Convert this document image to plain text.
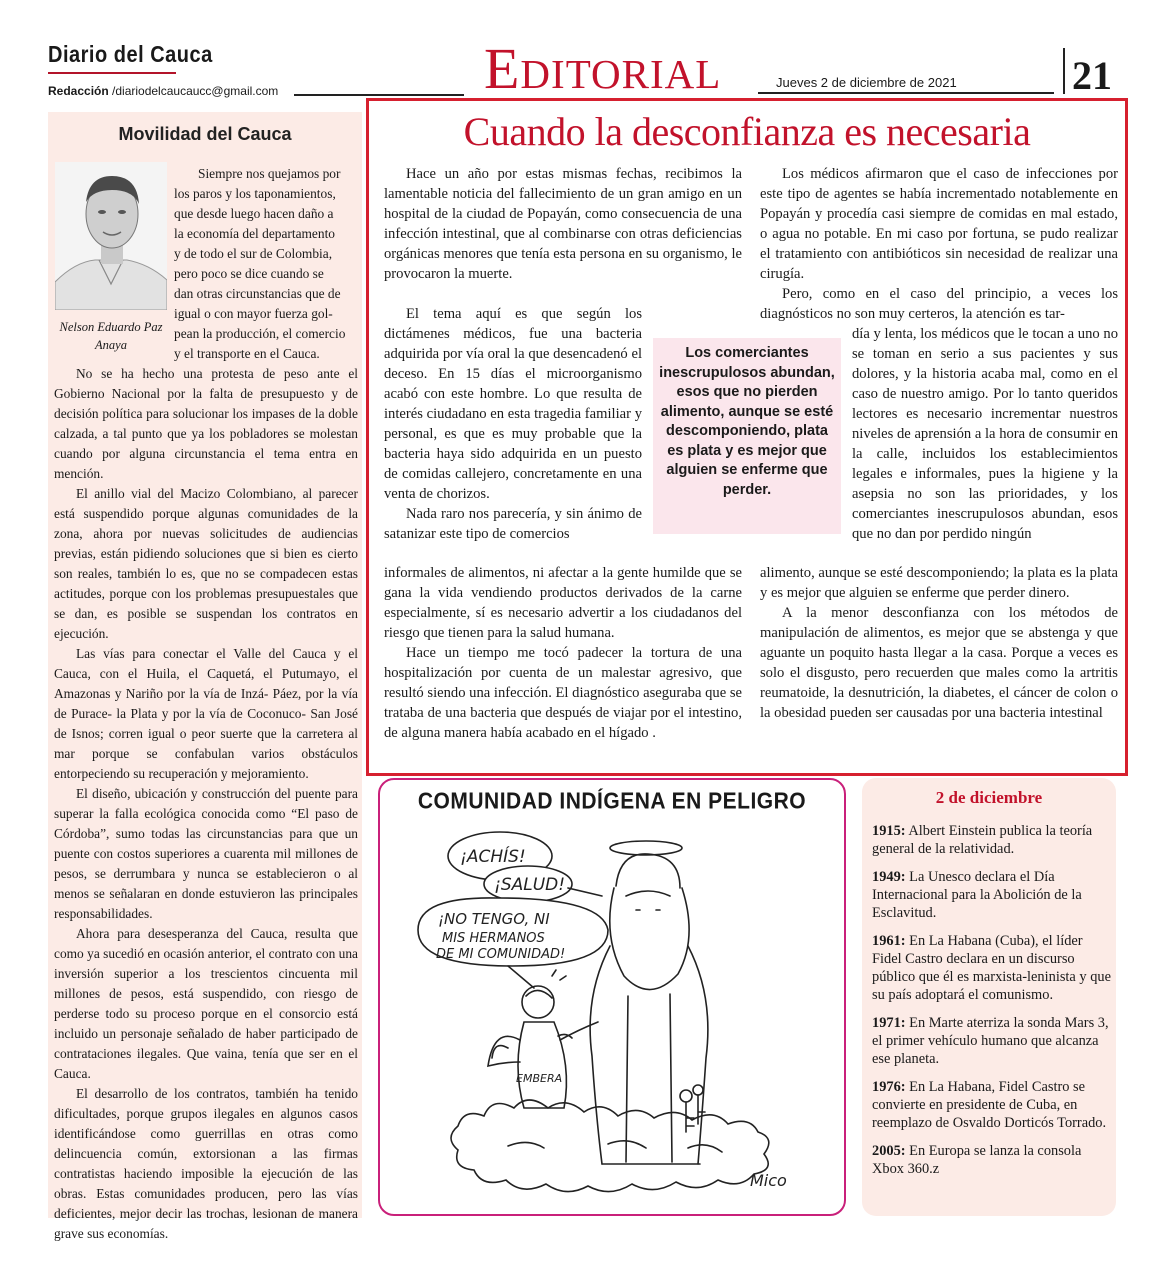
Diario del Cauca
Redacción /diariodelcaucaucc@gmail.com	Editorial	Jueves 2 de diciembre de 2021	21
Movilidad del Cauca
Nelson Eduardo Paz Anaya
Siempre nos quejamos por
los paros y los taponamientos,
que desde luego hacen daño a
la economía del departamento
y de todo el sur de Colombia,
pero poco se dice cuando se
dan otras circunstancias que de
igual o con mayor fuerza gol-
pean la producción, el comercio
y el transporte en el Cauca.

No se ha hecho una protesta de peso ante el Gobierno Nacional por la falta de presupuesto y de decisión política para solucionar los impases de la doble calzada, a tal punto que ya los pobladores se molestan cuando por alguna circunstancia el tema entra en mención.

El anillo vial del Macizo Colombiano, al parecer está suspendido porque algunas comunidades de la zona, ahora por nuevas solicitudes de audiencias previas, están pidiendo soluciones que si bien es cierto son reales, también lo es, que no se compadecen estas actitudes, porque con los problemas presupuestales que se dan, es posible se suspendan los contratos en ejecución.

Las vías para conectar el Valle del Cauca y el Cauca, con el Huila, el Caquetá, el Putumayo, el Amazonas y Nariño por la vía de Inzá- Páez, por la vía de Purace- la Plata y por la vía de Coconuco- San José de Isnos; corren igual o peor suerte que la carretera al mar porque se confabulan varios obstáculos entorpeciendo su recuperación y mejoramiento.

El diseño, ubicación y construcción del puente para superar la falla ecológica conocida como “El paso de Córdoba”, sumo todas las circunstancias para que un puente con costos superiores a cuarenta mil millones de pesos, se derrumbara y nunca se establecieron o al menos se señalaran en donde estuvieron las principales responsabilidades.

Ahora para desesperanza del Cauca, resulta que como ya sucedió en ocasión anterior, el contrato con una inversión superior a los trescientos cincuenta mil millones de pesos, está suspendido, con riesgo de perderse todo su proceso porque en el consorcio está incluido un personaje señalado de haber participado de contrataciones ilegales. Que vaina, tenía que ser en el Cauca.

El desarrollo de los contratos, también ha tenido dificultades, porque grupos ilegales en algunos casos identificándose como guerrillas en otras como delincuencia común, extorsionan a las firmas contratistas haciendo imposible la ejecución de las obras. Estas comunidades producen, pero las vías deficientes, mejor decir las trochas, lesionan de manera grave sus economías.

Cuando la desconfianza es necesaria

Hace un año por estas mismas fechas, recibimos la lamentable noticia del fallecimiento de un gran amigo en un hospital de la ciudad de Popayán, como consecuencia de una infección intestinal, que al combinarse con otras deficiencias orgánicas menores que tenía esta persona en su organismo, le provocaron la muerte.

El tema aquí es que según los dictámenes médicos, fue una bacteria adquirida por vía oral la que desencadenó el deceso. En 15 días el microorganismo acabó con este hombre. Lo que resulta de interés ciudadano en esta tragedia familiar y personal, es que es muy probable que la bacteria haya sido adquirida en un puesto de comidas callejero, concretamente en una venta de chorizos.

Nada raro nos parecería, y sin ánimo de satanizar este tipo de comercios

informales de alimentos, ni afectar a la gente humilde que se gana la vida vendiendo productos derivados de la carne especialmente, sí es necesario advertir a los ciudadanos del riesgo que tienen para la salud humana.

Hace un tiempo me tocó padecer la tortura de una hospitalización por cuenta de un malestar agresivo, que resultó siendo una infección. El diagnóstico aseguraba que se trataba de una bacteria que después de viajar por el intestino, de alguna manera había acabado en el hígado .

Los médicos afirmaron que el caso de infecciones por este tipo de agentes se había incrementado notablemente en Popayán y procedía casi siempre de comidas en mal estado, o agua no potable. En mi caso por fortuna, se pudo realizar el tratamiento con antibióticos sin necesidad de realizar una cirugía.

Pero, como en el caso del principio, a veces los diagnósticos no son muy certeros, la atención es tar-

día y lenta, los médicos que le tocan a uno no se toman en serio a sus pacientes y sus dolores, y la historia acaba mal, como en el caso de nuestro amigo. Por lo tanto queridos lectores es necesario incrementar nuestros niveles de aprensión a la hora de consumir en la calle, incluidos los establecimientos legales e informales, pues la higiene y la asepsia no son las prioridades, y los comerciantes inescrupulosos abundan, esos que no dan por perdido ningún

alimento, aunque se esté descomponiendo; la plata es la plata y es mejor que alguien se enferme que perder dinero.

A la menor desconfianza con los métodos de manipulación de alimentos, es mejor que se abstenga y que aguante un poquito hasta llegar a la casa. Porque a veces es solo el disgusto, pero recuerden que males como la artritis reumatoide, la desnutrición, la diabetes, el cáncer de colon o la obesidad pueden ser causadas por una bacteria intestinal

Los comerciantes inescrupulosos abundan, esos que no pierden alimento, aunque se esté descomponiendo, plata es plata y es mejor que alguien se enferme que perder.
COMUNIDAD INDÍGENA EN PELIGRO
¡ACHÍS!
¡SALUD!
¡NO TENGO, NI
MIS HERMANOS
DE MI COMUNIDAD!
EMBERA
Mico
2 de diciembre
1915: Albert Einstein publica la teoría general de la relatividad.
1949: La Unesco declara el Día Internacional para la Abolición de la Esclavitud.
1961: En La Habana (Cuba), el líder Fidel Castro declara en un discurso público que él es marxista-leninista y que su país adoptará el comunismo.
1971: En Marte aterriza la sonda Mars 3, el primer vehículo humano que alcanza ese planeta.
1976: En La Habana, Fidel Castro se convierte en presidente de Cuba, en reemplazo de Osvaldo Dorticós Torrado.
2005: En Europa se lanza la consola Xbox 360.z
